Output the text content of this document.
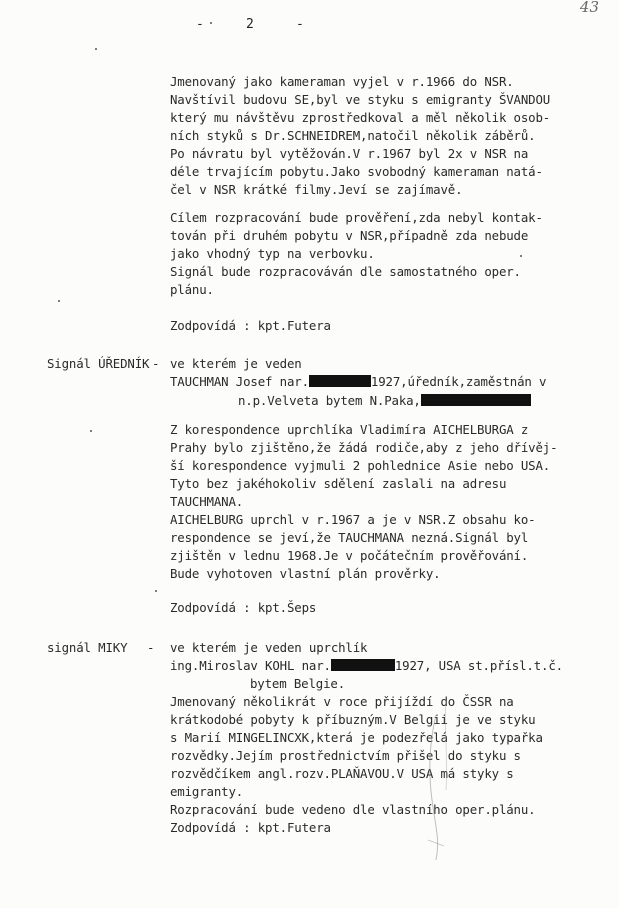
-	2	-
43
Jmenovaný jako kameraman vyjel v r.1966 do NSR.
Navštívil budovu SE,byl ve styku s emigranty ŠVANDOU
který mu návštěvu zprostředkoval a měl několik osob-
ních styků s Dr.SCHNEIDREM,natočil několik záběrů.
Po návratu byl vytěžován.V r.1967 byl 2x v NSR na
déle trvajícím pobytu.Jako svobodný kameraman natá-
čel v NSR krátké filmy.Jeví se zajímavě.
Cílem rozpracování bude prověření,zda nebyl kontak-
tován při druhém pobytu v NSR,případně zda nebude
jako vhodný typ na verbovku.
Signál bude rozpracováván dle samostatného oper.
plánu.
Zodpovídá : kpt.Futera
Signál ÚŘEDNÍK - ve kterém je veden
TAUCHMAN Josef nar.	1927,úředník,zaměstnán v
n.p.Velveta bytem N.Paka,
Z korespondence uprchlíka Vladimíra AICHELBURGA z
Prahy bylo zjištěno,že žádá rodiče,aby z jeho dřívěj-
ší korespondence vyjmuli 2 pohlednice Asie nebo USA.
Tyto bez jakéhokoliv sdělení zaslali na adresu
TAUCHMANA.
AICHELBURG uprchl v r.1967 a je v NSR.Z obsahu ko-
respondence se jeví,že TAUCHMANA nezná.Signál byl
zjištěn v lednu 1968.Je v počátečním prověřování.
Bude vyhotoven vlastní plán prověrky.
Zodpovídá : kpt.Šeps
signál MIKY - ve kterém je veden uprchlík
ing.Miroslav KOHL nar.	1927, USA st.přísl.t.č.
bytem Belgie.
Jmenovaný několikrát v roce přijíždí do ČSSR na
krátkodobé pobyty k příbuzným.V Belgii je ve styku
s Marií MINGELINCXK,která je podezřelá jako typařka
rozvědky.Jejím prostřednictvím přišel do styku s
rozvědčíkem angl.rozv.PLAŇAVOU.V USA má styky s
emigranty.
Rozpracování bude vedeno dle vlastního oper.plánu.
Zodpovídá : kpt.Futera
